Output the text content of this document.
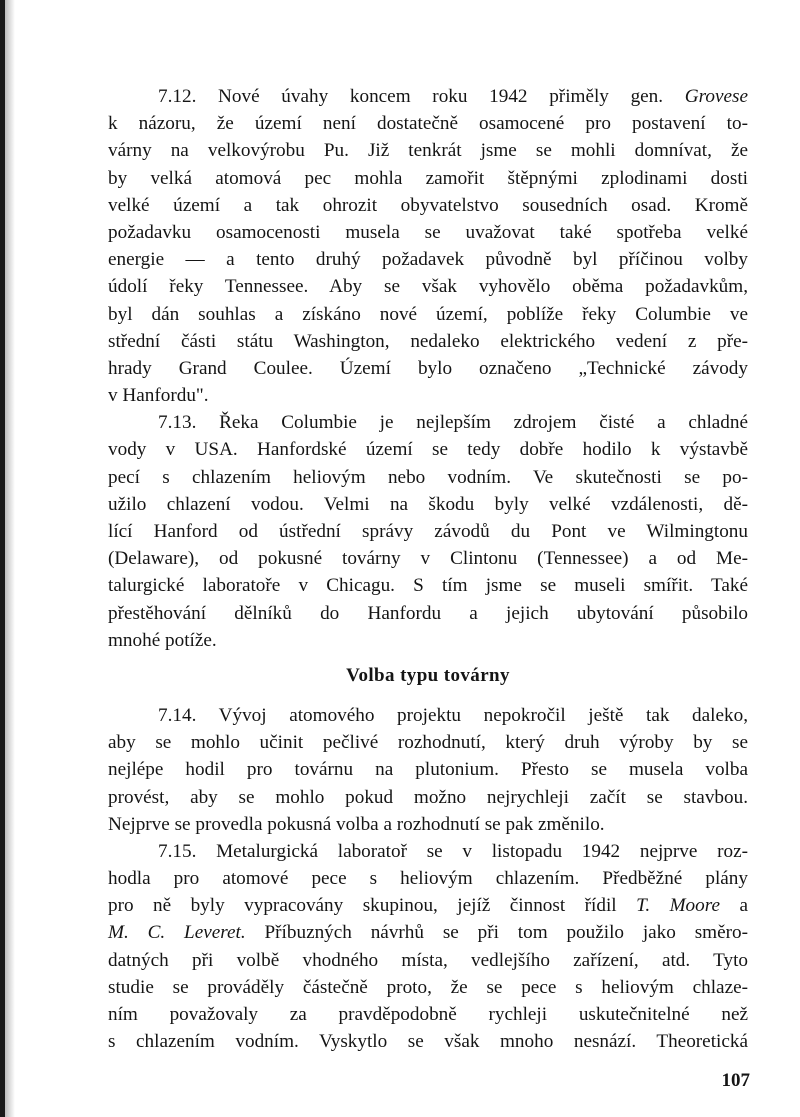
7.12. Nové úvahy koncem roku 1942 přiměly gen. Grovese
k názoru, že území není dostatečně osamocené pro postavení to-
várny na velkovýrobu Pu. Již tenkrát jsme se mohli domnívat, že
by velká atomová pec mohla zamořit štěpnými zplodinami dosti
velké území a tak ohrozit obyvatelstvo sousedních osad. Kromě
požadavku osamocenosti musela se uvažovat také spotřeba velké
energie — a tento druhý požadavek původně byl příčinou volby
údolí řeky Tennessee. Aby se však vyhovělo oběma požadavkům,
byl dán souhlas a získáno nové území, poblíže řeky Columbie ve
střední části státu Washington, nedaleko elektrického vedení z pře-
hrady Grand Coulee. Území bylo označeno „Technické závody
v Hanfordu".
7.13. Řeka Columbie je nejlepším zdrojem čisté a chladné
vody v USA. Hanfordské území se tedy dobře hodilo k výstavbě
pecí s chlazením heliovým nebo vodním. Ve skutečnosti se po-
užilo chlazení vodou. Velmi na škodu byly velké vzdálenosti, dě-
lící Hanford od ústřední správy závodů du Pont ve Wilmingtonu
(Delaware), od pokusné továrny v Clintonu (Tennessee) a od Me-
talurgické laboratoře v Chicagu. S tím jsme se museli smířit. Také
přestěhování dělníků do Hanfordu a jejich ubytování působilo
mnohé potíže.
Volba typu továrny
7.14. Vývoj atomového projektu nepokročil ještě tak daleko,
aby se mohlo učinit pečlivé rozhodnutí, který druh výroby by se
nejlépe hodil pro továrnu na plutonium. Přesto se musela volba
provést, aby se mohlo pokud možno nejrychleji začít se stavbou.
Nejprve se provedla pokusná volba a rozhodnutí se pak změnilo.
7.15. Metalurgická laboratoř se v listopadu 1942 nejprve roz-
hodla pro atomové pece s heliovým chlazením. Předběžné plány
pro ně byly vypracovány skupinou, jejíž činnost řídil T. Moore a
M. C. Leveret. Příbuzných návrhů se při tom použilo jako směro-
datných při volbě vhodného místa, vedlejšího zařízení, atd. Tyto
studie se prováděly částečně proto, že se pece s heliovým chlaze-
ním považovaly za pravděpodobně rychleji uskutečnitelné než
s chlazením vodním. Vyskytlo se však mnoho nesnází. Theoretická
107
